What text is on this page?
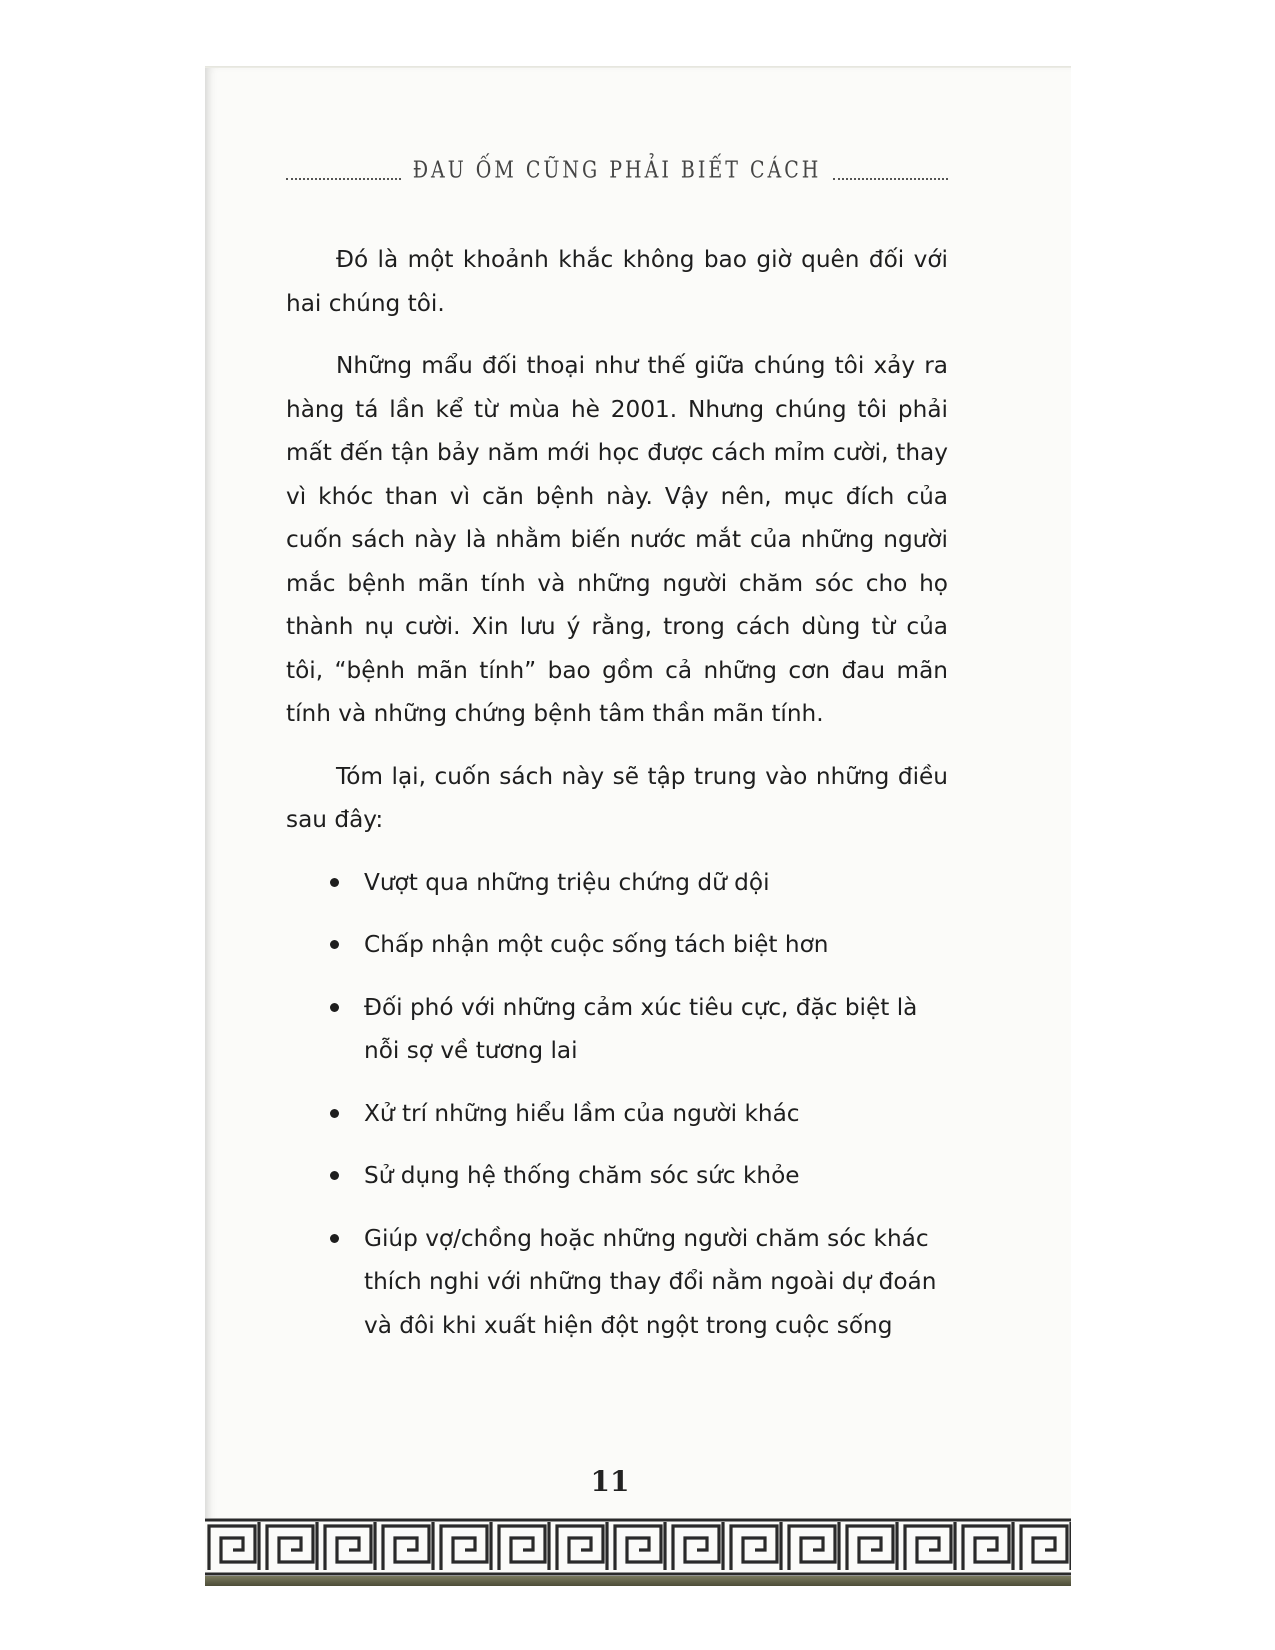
ĐAU ỐM CŨNG PHẢI BIẾT CÁCH

Đó là một khoảnh khắc không bao giờ quên đối với hai chúng tôi.

Những mẩu đối thoại như thế giữa chúng tôi xảy ra hàng tá lần kể từ mùa hè 2001. Nhưng chúng tôi phải mất đến tận bảy năm mới học được cách mỉm cười, thay vì khóc than vì căn bệnh này. Vậy nên, mục đích của cuốn sách này là nhằm biến nước mắt của những người mắc bệnh mãn tính và những người chăm sóc cho họ thành nụ cười. Xin lưu ý rằng, trong cách dùng từ của tôi, “bệnh mãn tính” bao gồm cả những cơn đau mãn tính và những chứng bệnh tâm thần mãn tính.

Tóm lại, cuốn sách này sẽ tập trung vào những điều sau đây:

Vượt qua những triệu chứng dữ dội
Chấp nhận một cuộc sống tách biệt hơn
Đối phó với những cảm xúc tiêu cực, đặc biệt là nỗi sợ về tương lai
Xử trí những hiểu lầm của người khác
Sử dụng hệ thống chăm sóc sức khỏe
Giúp vợ/chồng hoặc những người chăm sóc khác thích nghi với những thay đổi nằm ngoài dự đoán và đôi khi xuất hiện đột ngột trong cuộc sống
11
